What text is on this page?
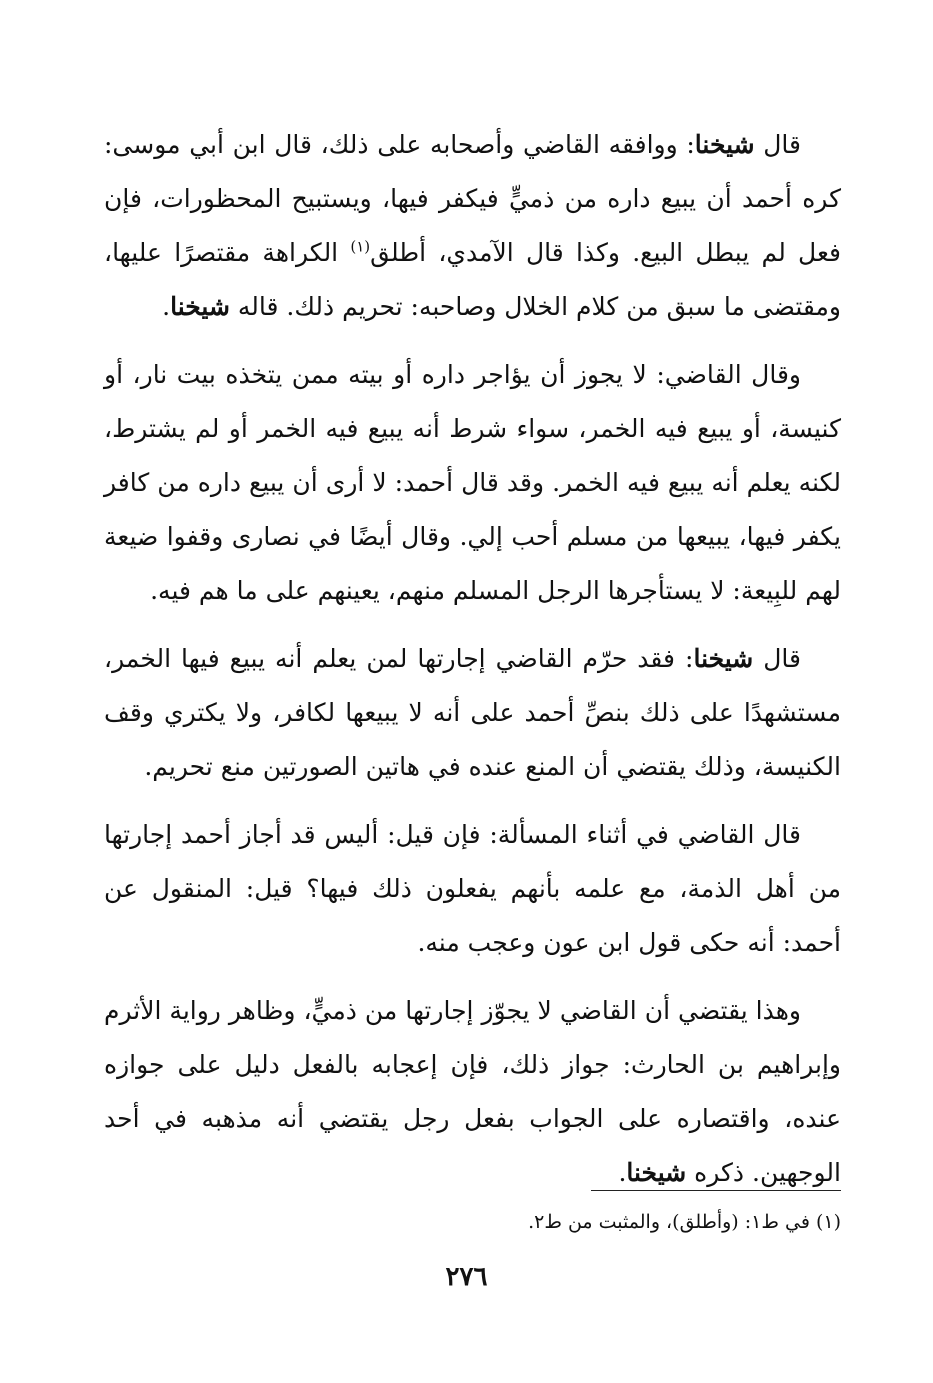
قال شيخنا: ووافقه القاضي وأصحابه على ذلك، قال ابن أبي موسى: كره أحمد أن يبيع داره من ذميٍّ فيكفر فيها، ويستبيح المحظورات، فإن فعل لم يبطل البيع. وكذا قال الآمدي، أطلق$^{(١)}$ الكراهة مقتصرًا عليها، ومقتضى ما سبق من كلام الخلال وصاحبه: تحريم ذلك. قاله شيخنا.

وقال القاضي: لا يجوز أن يؤاجر داره أو بيته ممن يتخذه بيت نار، أو كنيسة، أو يبيع فيه الخمر، سواء شرط أنه يبيع فيه الخمر أو لم يشترط، لكنه يعلم أنه يبيع فيه الخمر. وقد قال أحمد: لا أرى أن يبيع داره من كافر يكفر فيها، يبيعها من مسلم أحب إلي. وقال أيضًا في نصارى وقفوا ضيعة لهم للبِيعة: لا يستأجرها الرجل المسلم منهم، يعينهم على ما هم فيه.

قال شيخنا: فقد حرّم القاضي إجارتها لمن يعلم أنه يبيع فيها الخمر، مستشهدًا على ذلك بنصِّ أحمد على أنه لا يبيعها لكافر، ولا يكتري وقف الكنيسة، وذلك يقتضي أن المنع عنده في هاتين الصورتين منع تحريم.

قال القاضي في أثناء المسألة: فإن قيل: أليس قد أجاز أحمد إجارتها من أهل الذمة، مع علمه بأنهم يفعلون ذلك فيها؟ قيل: المنقول عن أحمد: أنه حكى قول ابن عون وعجب منه.

وهذا يقتضي أن القاضي لا يجوّز إجارتها من ذميٍّ، وظاهر رواية الأثرم وإبراهيم بن الحارث: جواز ذلك، فإن إعجابه بالفعل دليل على جوازه عنده، واقتصاره على الجواب بفعل رجل يقتضي أنه مذهبه في أحد الوجهين. ذكره شيخنا.

(١) في ط١: (وأطلق)، والمثبت من ط٢.
٢٧٦
